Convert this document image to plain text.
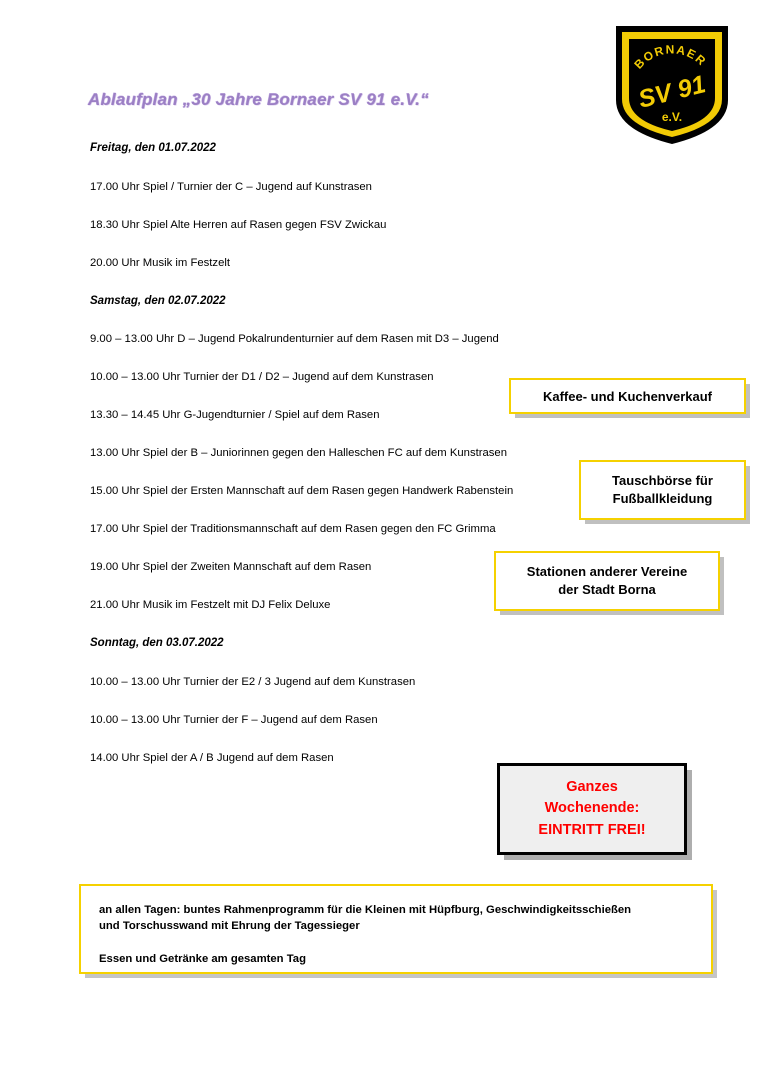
BORNAER
SV 91
e.V.
Ablaufplan „30 Jahre Bornaer SV 91 e.V.“
Freitag, den 01.07.2022
17.00 Uhr Spiel / Turnier der C – Jugend auf Kunstrasen
18.30 Uhr Spiel Alte Herren auf Rasen gegen FSV Zwickau
20.00 Uhr Musik im Festzelt
Samstag, den 02.07.2022
9.00 – 13.00 Uhr D – Jugend Pokalrundenturnier auf dem Rasen mit D3 – Jugend
10.00 – 13.00 Uhr Turnier der D1 / D2 – Jugend auf dem Kunstrasen
13.30 – 14.45 Uhr G-Jugendturnier / Spiel auf dem Rasen
13.00 Uhr Spiel der B – Juniorinnen gegen den Halleschen FC auf dem Kunstrasen
15.00 Uhr Spiel der Ersten Mannschaft auf dem Rasen gegen Handwerk Rabenstein
17.00 Uhr Spiel der Traditionsmannschaft auf dem Rasen gegen den FC Grimma
19.00 Uhr Spiel der Zweiten Mannschaft auf dem Rasen
21.00 Uhr Musik im Festzelt mit DJ Felix Deluxe
Sonntag, den 03.07.2022
10.00 – 13.00 Uhr Turnier der E2 / 3 Jugend auf dem Kunstrasen
10.00 – 13.00 Uhr Turnier der F – Jugend auf dem Rasen
14.00 Uhr Spiel der A / B Jugend auf dem Rasen
Kaffee- und Kuchenverkauf
Tauschbörse für
Fußballkleidung
Stationen anderer Vereine
der Stadt Borna
Ganzes
Wochenende:
EINTRITT FREI!
an allen Tagen: buntes Rahmenprogramm für die Kleinen mit Hüpfburg, Geschwindigkeitsschießen
und Torschusswand mit Ehrung der Tagessieger
Essen und Getränke am gesamten Tag
